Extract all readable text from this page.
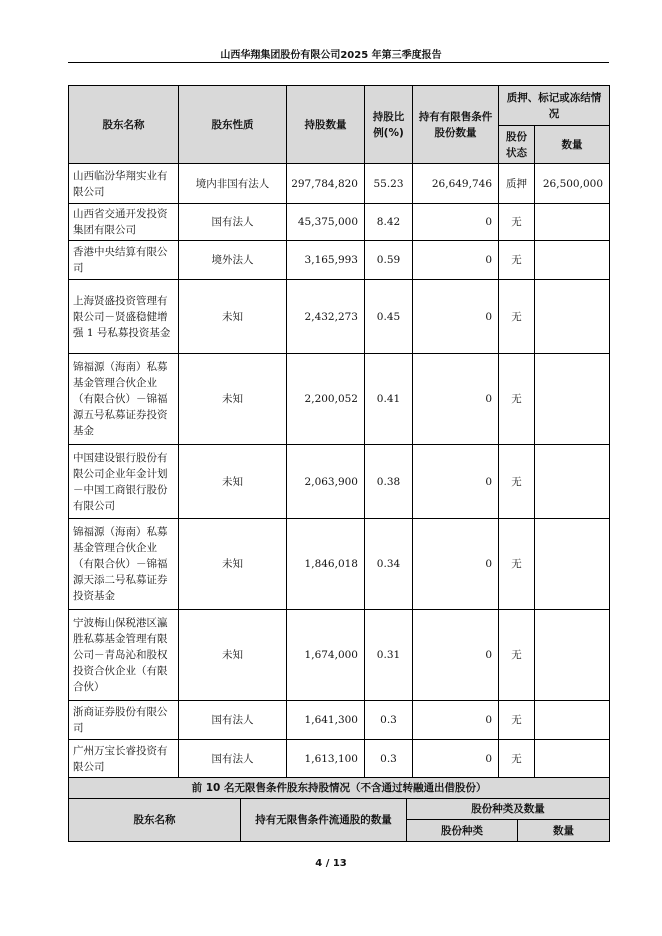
山西华翔集团股份有限公司2025 年第三季度报告
股东名称	股东性质	持股数量	持股比例(%)	持有有限售条件股份数量	质押、标记或冻结情况	
					股份状态	数量
山西临汾华翔实业有限公司	境内非国有法人	297,784,820	55.23	26,649,746	质押	26,500,000
山西省交通开发投资集团有限公司	国有法人	45,375,000	8.42	0	无	
香港中央结算有限公司	境外法人	3,165,993	0.59	0	无	
上海贤盛投资管理有限公司－贤盛稳健增强 1 号私募投资基金	未知	2,432,273	0.45	0	无	
锦福源（海南）私募基金管理合伙企业（有限合伙）－锦福源五号私募证券投资基金	未知	2,200,052	0.41	0	无	
中国建设银行股份有限公司企业年金计划－中国工商银行股份有限公司	未知	2,063,900	0.38	0	无	
锦福源（海南）私募基金管理合伙企业（有限合伙）－锦福源天添二号私募证券投资基金	未知	1,846,018	0.34	0	无	
宁波梅山保税港区瀛胜私募基金管理有限公司－青岛沁和股权投资合伙企业（有限合伙）	未知	1,674,000	0.31	0	无	
浙商证券股份有限公司	国有法人	1,641,300	0.3	0	无	
广州万宝长睿投资有限公司	国有法人	1,613,100	0.3	0	无	
前 10 名无限售条件股东持股情况（不含通过转融通出借股份）			
股东名称	持有无限售条件流通股的数量	股份种类及数量	
		股份种类	数量
4 / 13
